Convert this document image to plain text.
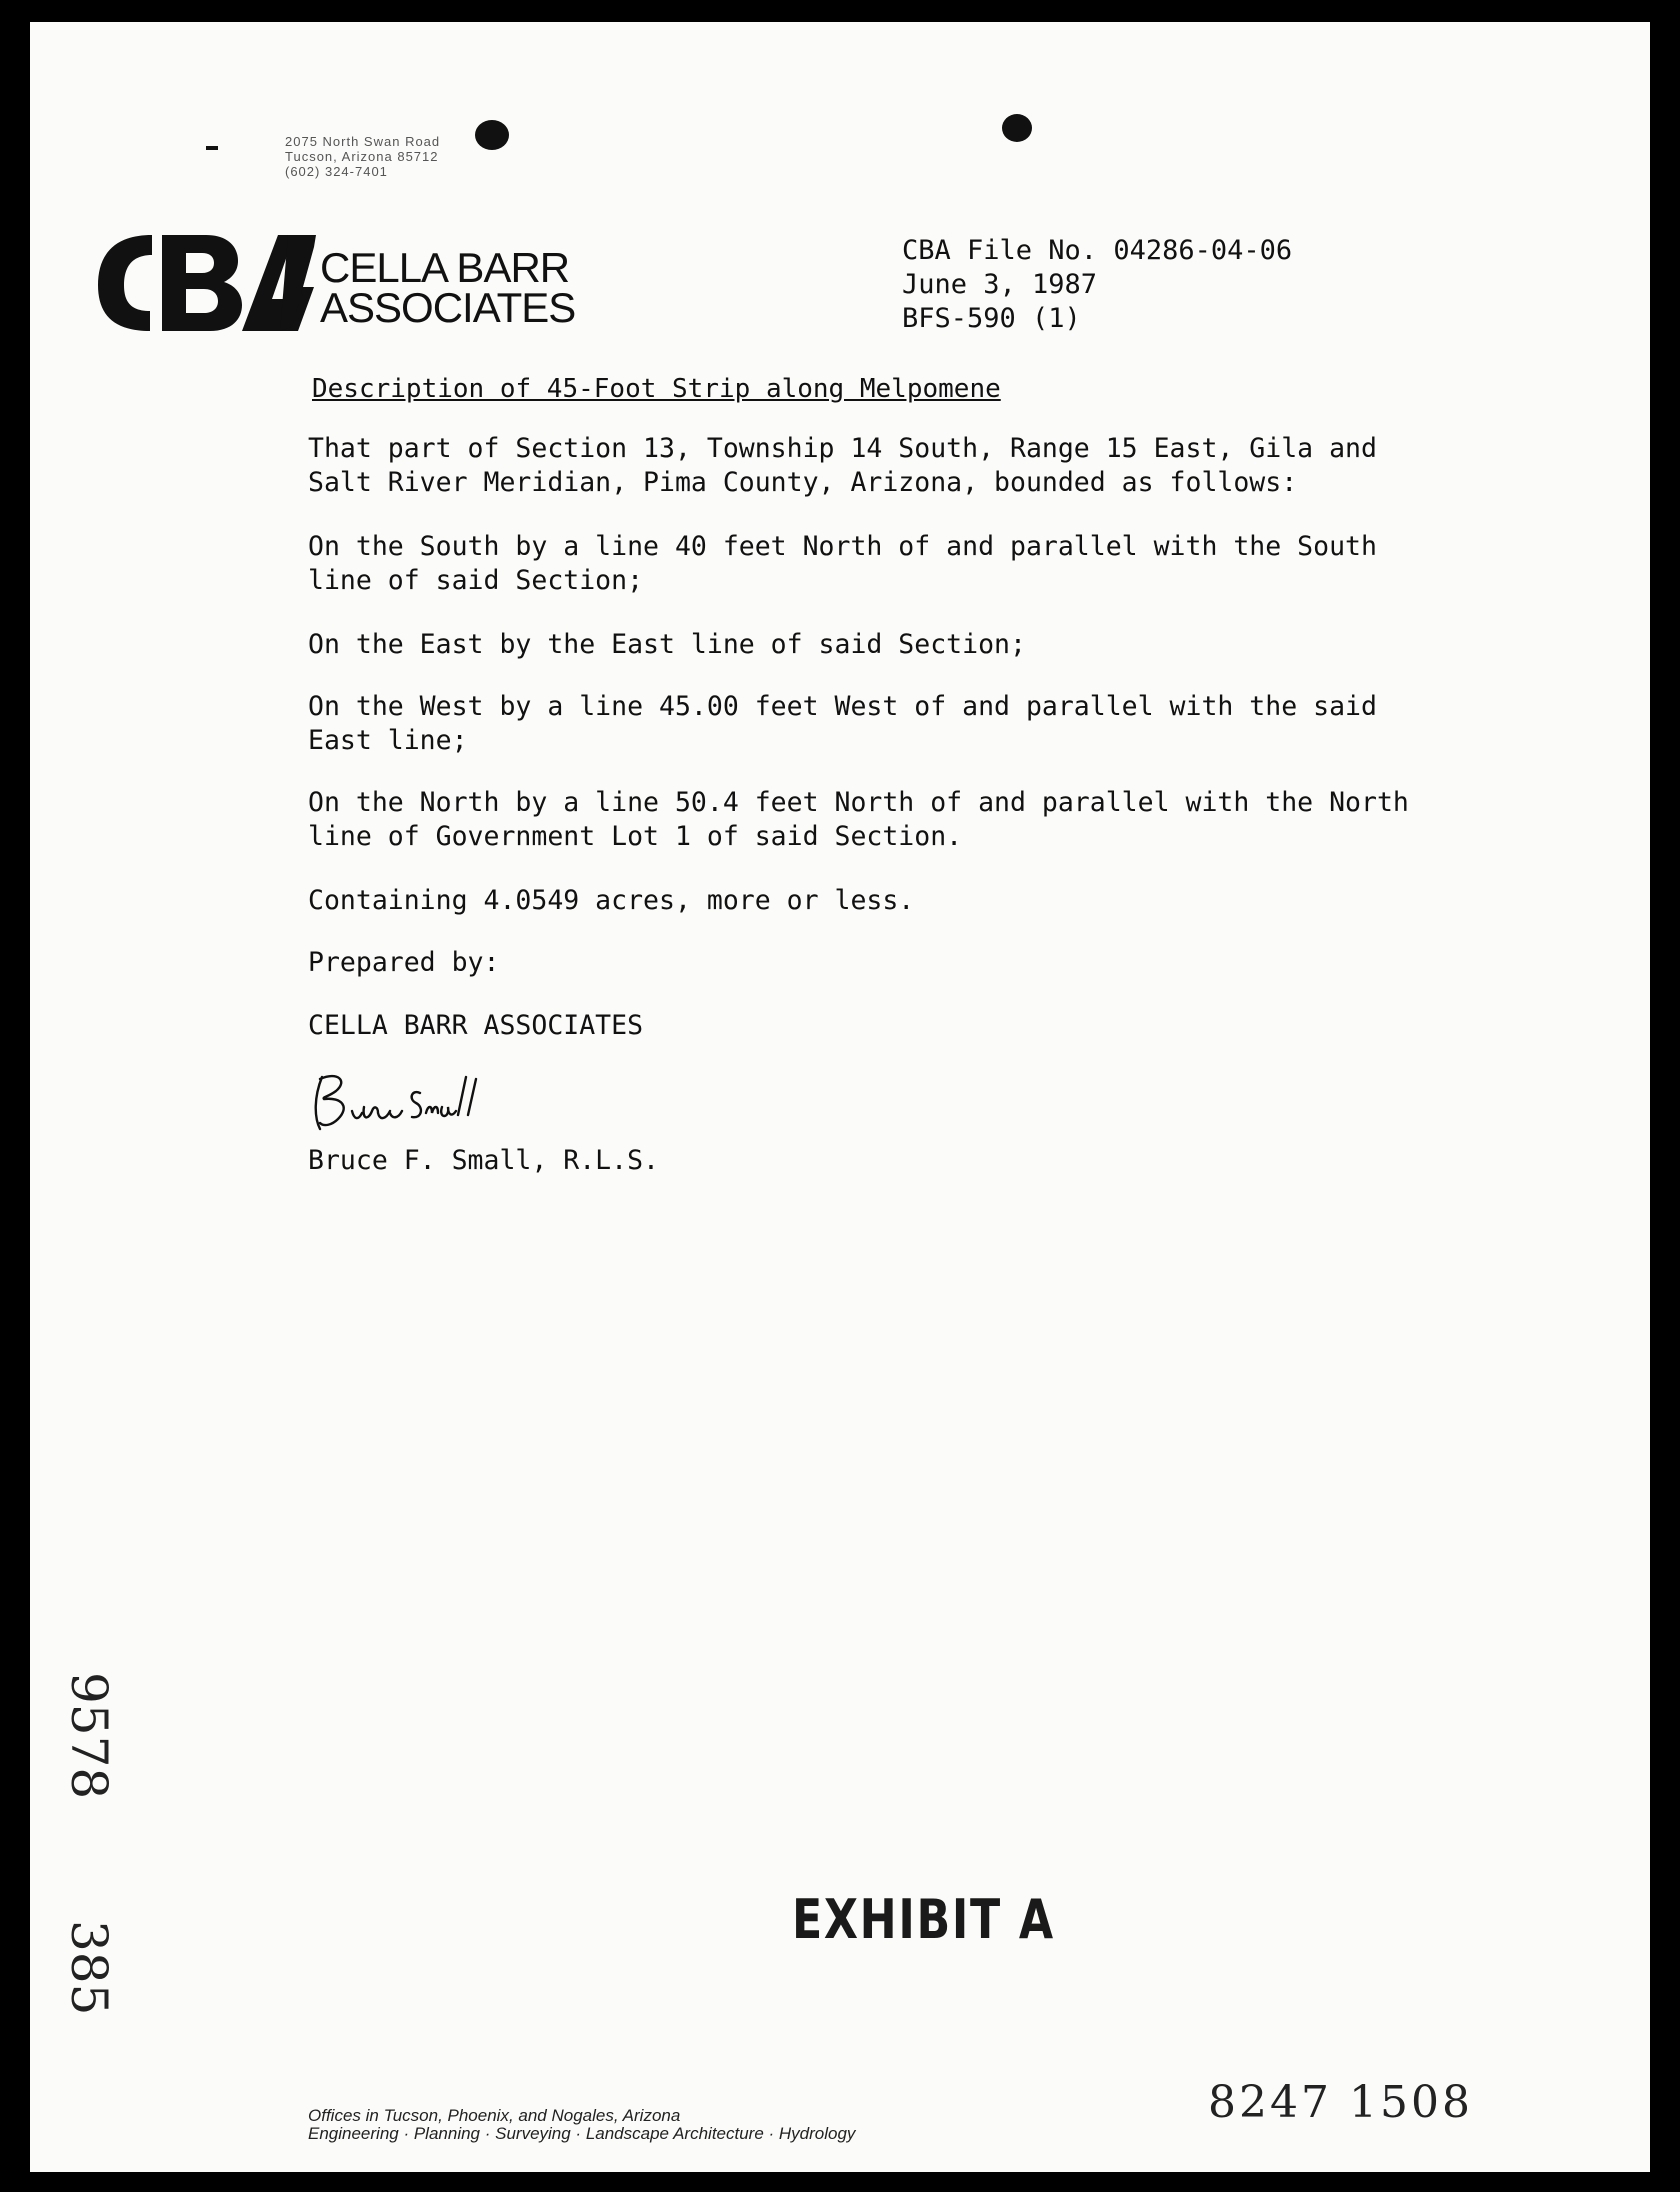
2075 North Swan Road
Tucson, Arizona 85712
(602) 324-7401
CELLA BARR
ASSOCIATES
CBA File No. 04286-04-06
June 3, 1987
BFS-590 (1)
Description of 45-Foot Strip along Melpomene
That part of Section 13, Township 14 South, Range 15 East, Gila and
Salt River Meridian, Pima County, Arizona, bounded as follows:
On the South by a line 40 feet North of and parallel with the South
line of said Section;
On the East by the East line of said Section;
On the West by a line 45.00 feet West of and parallel with the said
East line;
On the North by a line 50.4 feet North of and parallel with the North
line of Government Lot 1 of said Section.
Containing 4.0549 acres, more or less.
Prepared by:
CELLA BARR ASSOCIATES
Bruce F. Small, R.L.S.
9578
385
EXHIBIT A
Offices in Tucson, Phoenix, and Nogales, Arizona
Engineering · Planning · Surveying · Landscape Architecture · Hydrology
8247 1508
